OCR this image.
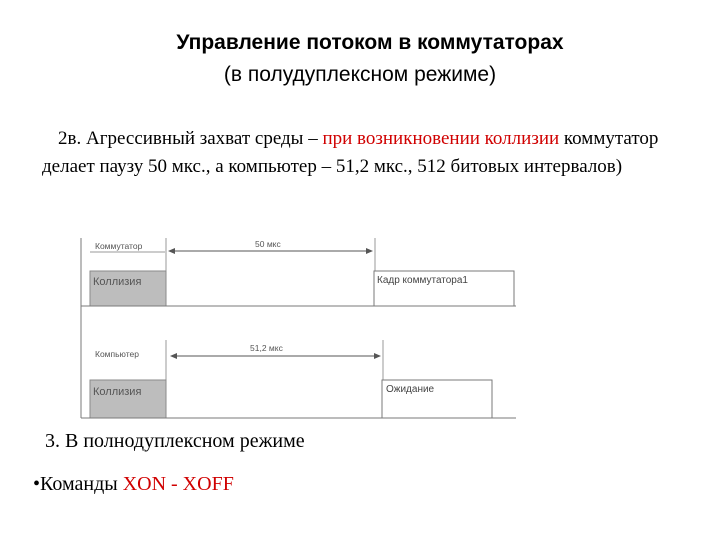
Управление потоком в коммутаторах
(в полудуплексном режиме)
2в. Агрессивный захват среды – при возникновении коллизии коммутатор делает паузу 50 мкс., а компьютер – 51,2 мкс., 512 битовых интервалов)
Коммутатор	50 мкс
Коллизия	Кадр коммутатора1
Компьютер
51,2 мкс
Коллизия	Ожидание
3. В полнодуплексном режиме
•Команды XON - XOFF
